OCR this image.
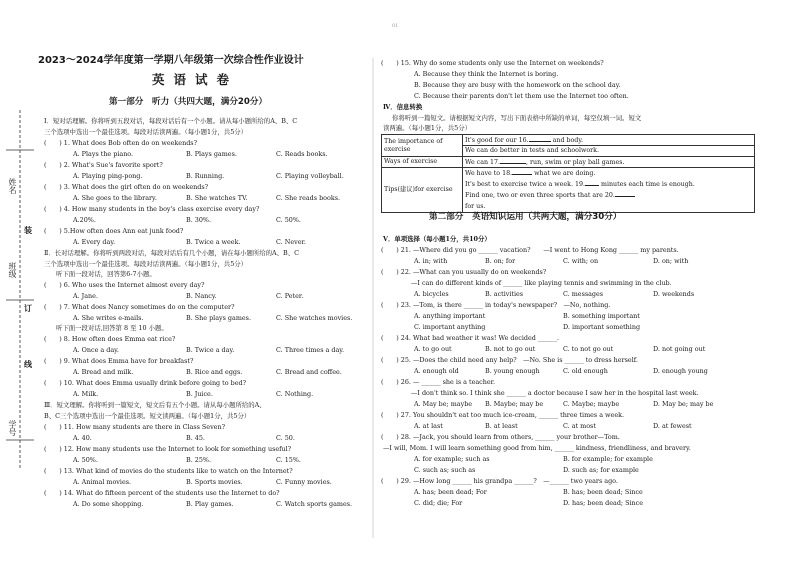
装
订
线
姓名
班级
学号
01
2023～2024学年度第一学期八年级第一次综合性作业设计
英语试卷
第一部分　听力（共四大题，满分20分）
Ⅰ．短对话理解。你将听到五段对话，每段对话后有一个小题。请从每小题所给的A、B、C
三个选项中选出一个最佳选项。每段对话读两遍。（每小题1分，共5分）
(　　) 1. What does Bob often do on weekends?
A. Plays the piano.	B. Plays games.	C. Reads books.
(　　) 2. What's Sue's favorite sport?
A. Playing ping-pong.	B. Running.	C. Playing volleyball.
(　　) 3. What does the girl often do on weekends?
A. She goes to the library.	B. She watches TV.	C. She reads books.
(　　) 4. How many students in the boy's class exercise every day?
A.20%.	B. 30%.	C. 50%.
(　　) 5.How often does Ann eat junk food?
A. Every day.	B. Twice a week.	C. Never.
Ⅱ．长对话理解。你将听到两段对话，每段对话后有几个小题，请在每小题所给的A、B、C
三个选项中选出一个最佳选项。每段对话读两遍。（每小题1分，共5分）
听下面一段对话，回答第6-7小题。
(　　) 6. Who uses the Internet almost every day?
A. Jane.	B. Nancy.	C. Peter.
(　　) 7. What does Nancy sometimes do on the computer?
A. She writes e-mails.	B. She plays games.	C. She watches movies.
听下面一段对话,回答第 8 至 10 小题。
(　　) 8. How often does Emma eat rice?
A. Once a day.	B. Twice a day.	C. Three times a day.
(　　) 9. What does Emma have for breakfast?
A. Bread and milk.	B. Rice and eggs.	C. Bread and coffee.
(　　) 10. What does Emma usually drink before going to bed?
A. Milk.	B. Juice.	C. Nothing.
Ⅲ．短文理解。你将听到一篇短文，短文后有五个小题。请从每小题所给的A、
B、C三个选项中选出一个最佳选项。短文读两遍。（每小题1分，共5分）
(　　) 11. How many students are there in Class Seven?
A. 40.	B. 45.	C. 50.
(　　) 12. How many students use the Internet to look for something useful?
A. 50%.	B. 25%.	C. 15%.
(　　) 13. What kind of movies do the students like to watch on the Internet?
A. Animal movies.	B. Sports movies.	C. Funny movies.
(　　) 14. What do fifteen percent of the students use the Internet to do?
A. Do some shopping.	B. Play games.	C. Watch sports games.
(　　) 15. Why do some students only use the Internet on weekends?
A. Because they think the Internet is boring.
B. Because they are busy with the homework on the school day.
C. Because their parents don't let them use the Internet too often.
Ⅳ．信息转换
你将听到一篇短文。请根据短文内容，写出下面表格中所缺的单词，每空仅填一词。短文
读两遍。（每小题1分，共5分）
The importance of exercise	It's good for our 16. and body.
	We can do better in tests and schoolwork.
Ways of exercise	We can 17. , run, swim or play ball games.
Tips(建议)for exercise	We have to 18. what we are doing.
It's best to exercise twice a week. 19. minutes each time is enough.
Find one, two or even three sports that are 20.
for us.
第二部分　英语知识运用（共两大题，满分30分）
Ⅴ．单项选择（每小题1分，共10分）
(　　) 21. —Where did you go ______ vacation?　　—I went to Hong Kong ______ my parents.
A. in; with	B. on; for	C. with; on	D. on; with
(　　) 22. —What can you usually do on weekends?
—I can do different kinds of ______ like playing tennis and swimming in the club.
A. bicycles	B. activities	C. messages	D. weekends
(　　) 23. —Tom, is there ______ in today's newspaper?　—No, nothing.
A. anything important	B. something important
C. important anything	D. important something
(　　) 24. What bad weather it was! We decided ______.
A. to go out	B. not to go out	C. to not go out	D. not going out
(　　) 25. —Does the child need any help?　—No. She is ______ to dress herself.
A. enough old	B. young enough	C. old enough	D. enough young
(　　) 26. — ______ she is a teacher.
—I don't think so. I think she ______ a doctor because I saw her in the hospital last week.
A. May be; maybe B. Maybe; may be	C. Maybe; maybe	D. May be; may be
(　　) 27. You shouldn't eat too much ice-cream, ______ three times a week.
A. at last	B. at least	C. at most	D. at fewest
(　　) 28. —Jack, you should learn from others, ______ your brother—Tom.
—I will, Mom. I will learn something good from him, ______ kindness, friendliness, and bravery.
A. for example; such as	B. for example; for example
C. such as; such as	D. such as; for example
(　　) 29. —How long ______ his grandpa ______?　—______ two years ago.
A. has; been dead; For	B. has; been dead; Since
C. did; die; For	D. has; been dead; Since
